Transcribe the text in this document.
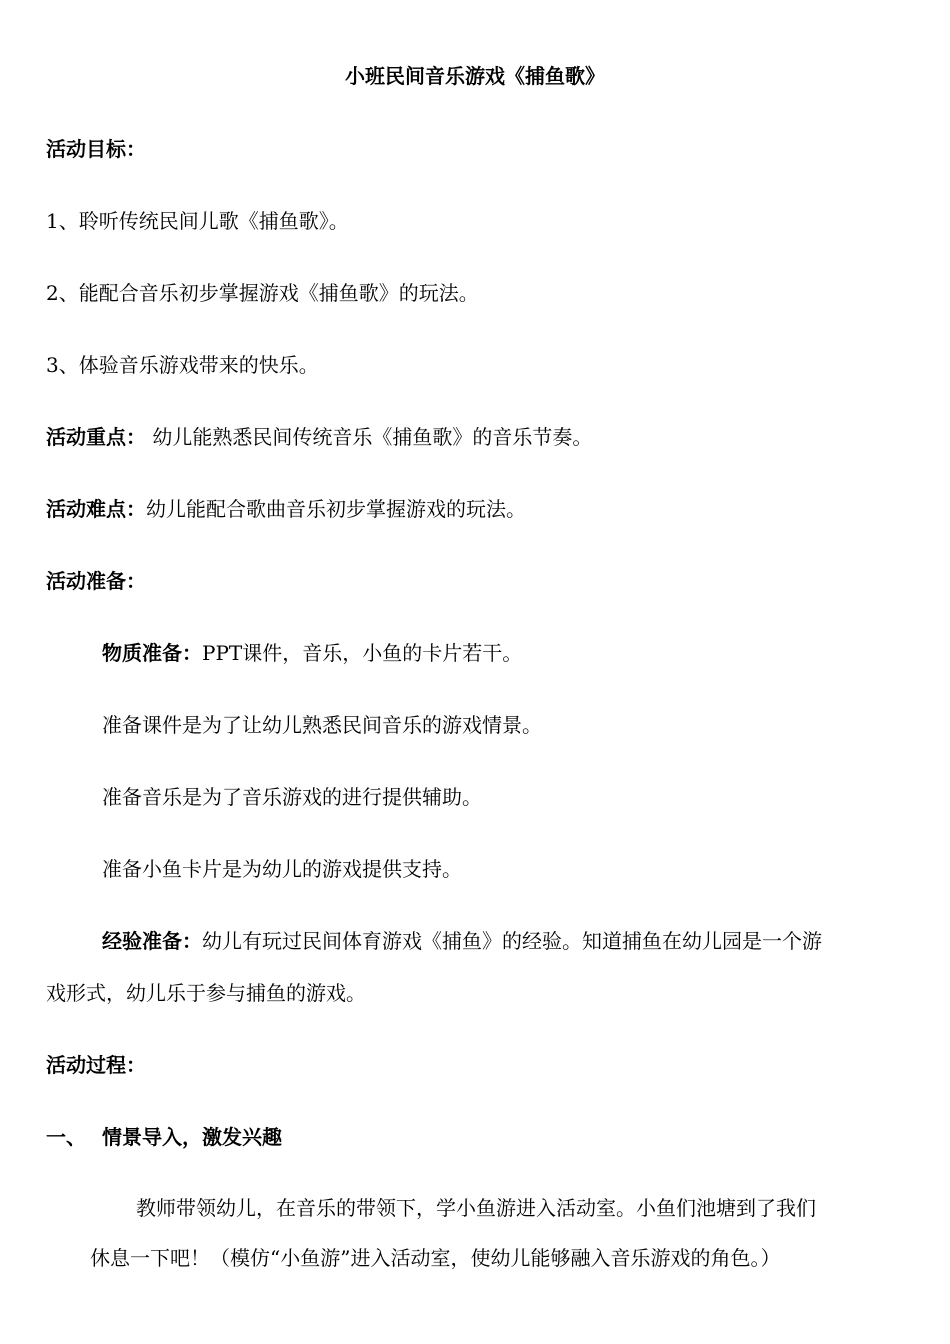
小班民间音乐游戏《捕鱼歌》
活动目标：
1、聆听传统民间儿歌《捕鱼歌》。
2、能配合音乐初步掌握游戏《捕鱼歌》的玩法。
3、体验音乐游戏带来的快乐。
活动重点： 幼儿能熟悉民间传统音乐《捕鱼歌》的音乐节奏。
活动难点：幼儿能配合歌曲音乐初步掌握游戏的玩法。
活动准备：
物质准备：PPT课件，音乐，小鱼的卡片若干。
准备课件是为了让幼儿熟悉民间音乐的游戏情景。
准备音乐是为了音乐游戏的进行提供辅助。
准备小鱼卡片是为幼儿的游戏提供支持。
经验准备：幼儿有玩过民间体育游戏《捕鱼》的经验。知道捕鱼在幼儿园是一个游
戏形式，幼儿乐于参与捕鱼的游戏。
活动过程：
一、 情景导入，激发兴趣
教师带领幼儿，在音乐的带领下，学小鱼游进入活动室。小鱼们池塘到了我们
休息一下吧！（模仿“小鱼游”进入活动室，使幼儿能够融入音乐游戏的角色。）
